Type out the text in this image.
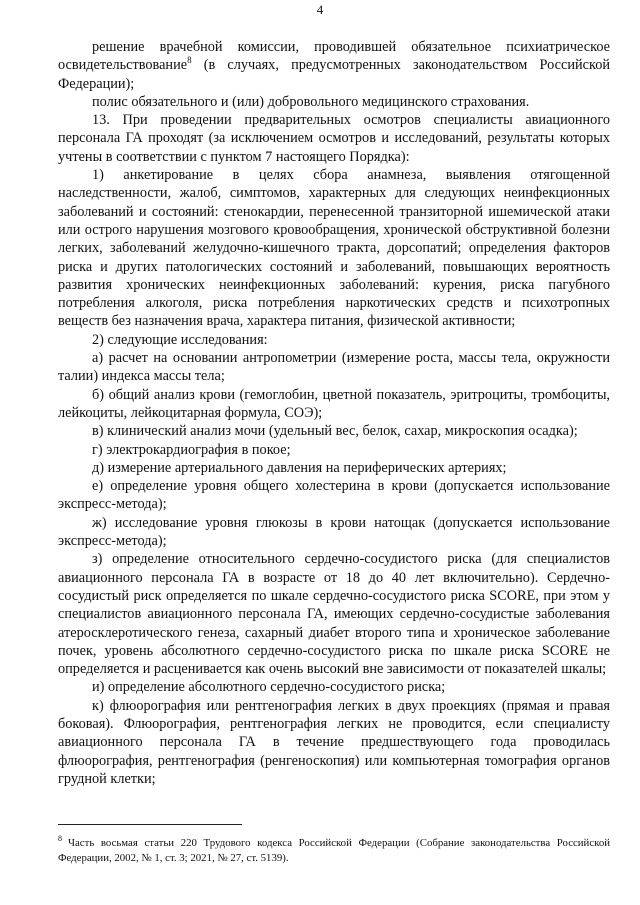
4

решение врачебной комиссии, проводившей обязательное психиатрическое освидетельствование$^8$ (в случаях, предусмотренных законодательством Российской Федерации);

полис обязательного и (или) добровольного медицинского страхования.

13. При проведении предварительных осмотров специалисты авиационного персонала ГА проходят (за исключением осмотров и исследований, результаты которых учтены в соответствии с пунктом 7 настоящего Порядка):

1) анкетирование в целях сбора анамнеза, выявления отягощенной наследственности, жалоб, симптомов, характерных для следующих неинфекционных заболеваний и состояний: стенокардии, перенесенной транзиторной ишемической атаки или острого нарушения мозгового кровообращения, хронической обструктивной болезни легких, заболеваний желудочно-кишечного тракта, дорсопатий; определения факторов риска и других патологических состояний и заболеваний, повышающих вероятность развития хронических неинфекционных заболеваний: курения, риска пагубного потребления алкоголя, риска потребления наркотических средств и психотропных веществ без назначения врача, характера питания, физической активности;

2) следующие исследования:

а) расчет на основании антропометрии (измерение роста, массы тела, окружности талии) индекса массы тела;

б) общий анализ крови (гемоглобин, цветной показатель, эритроциты, тромбоциты, лейкоциты, лейкоцитарная формула, СОЭ);

в) клинический анализ мочи (удельный вес, белок, сахар, микроскопия осадка);

г) электрокардиография в покое;

д) измерение артериального давления на периферических артериях;

е) определение уровня общего холестерина в крови (допускается использование экспресс-метода);

ж) исследование уровня глюкозы в крови натощак (допускается использование экспресс-метода);

з) определение относительного сердечно-сосудистого риска (для специалистов авиационного персонала ГА в возрасте от 18 до 40 лет включительно). Сердечно-сосудистый риск определяется по шкале сердечно-сосудистого риска SCORE, при этом у специалистов авиационного персонала ГА, имеющих сердечно-сосудистые заболевания атеросклеротического генеза, сахарный диабет второго типа и хроническое заболевание почек, уровень абсолютного сердечно-сосудистого риска по шкале риска SCORE не определяется и расценивается как очень высокий вне зависимости от показателей шкалы;

и) определение абсолютного сердечно-сосудистого риска;

к) флюорография или рентгенография легких в двух проекциях (прямая и правая боковая). Флюорография, рентгенография легких не проводится, если специалисту авиационного персонала ГА в течение предшествующего года проводилась флюорография, рентгенография (ренгеноскопия) или компьютерная томография органов грудной клетки;

$^8$ Часть восьмая статьи 220 Трудового кодекса Российской Федерации (Собрание законодательства Российской Федерации, 2002, № 1, ст. 3; 2021, № 27, ст. 5139).
